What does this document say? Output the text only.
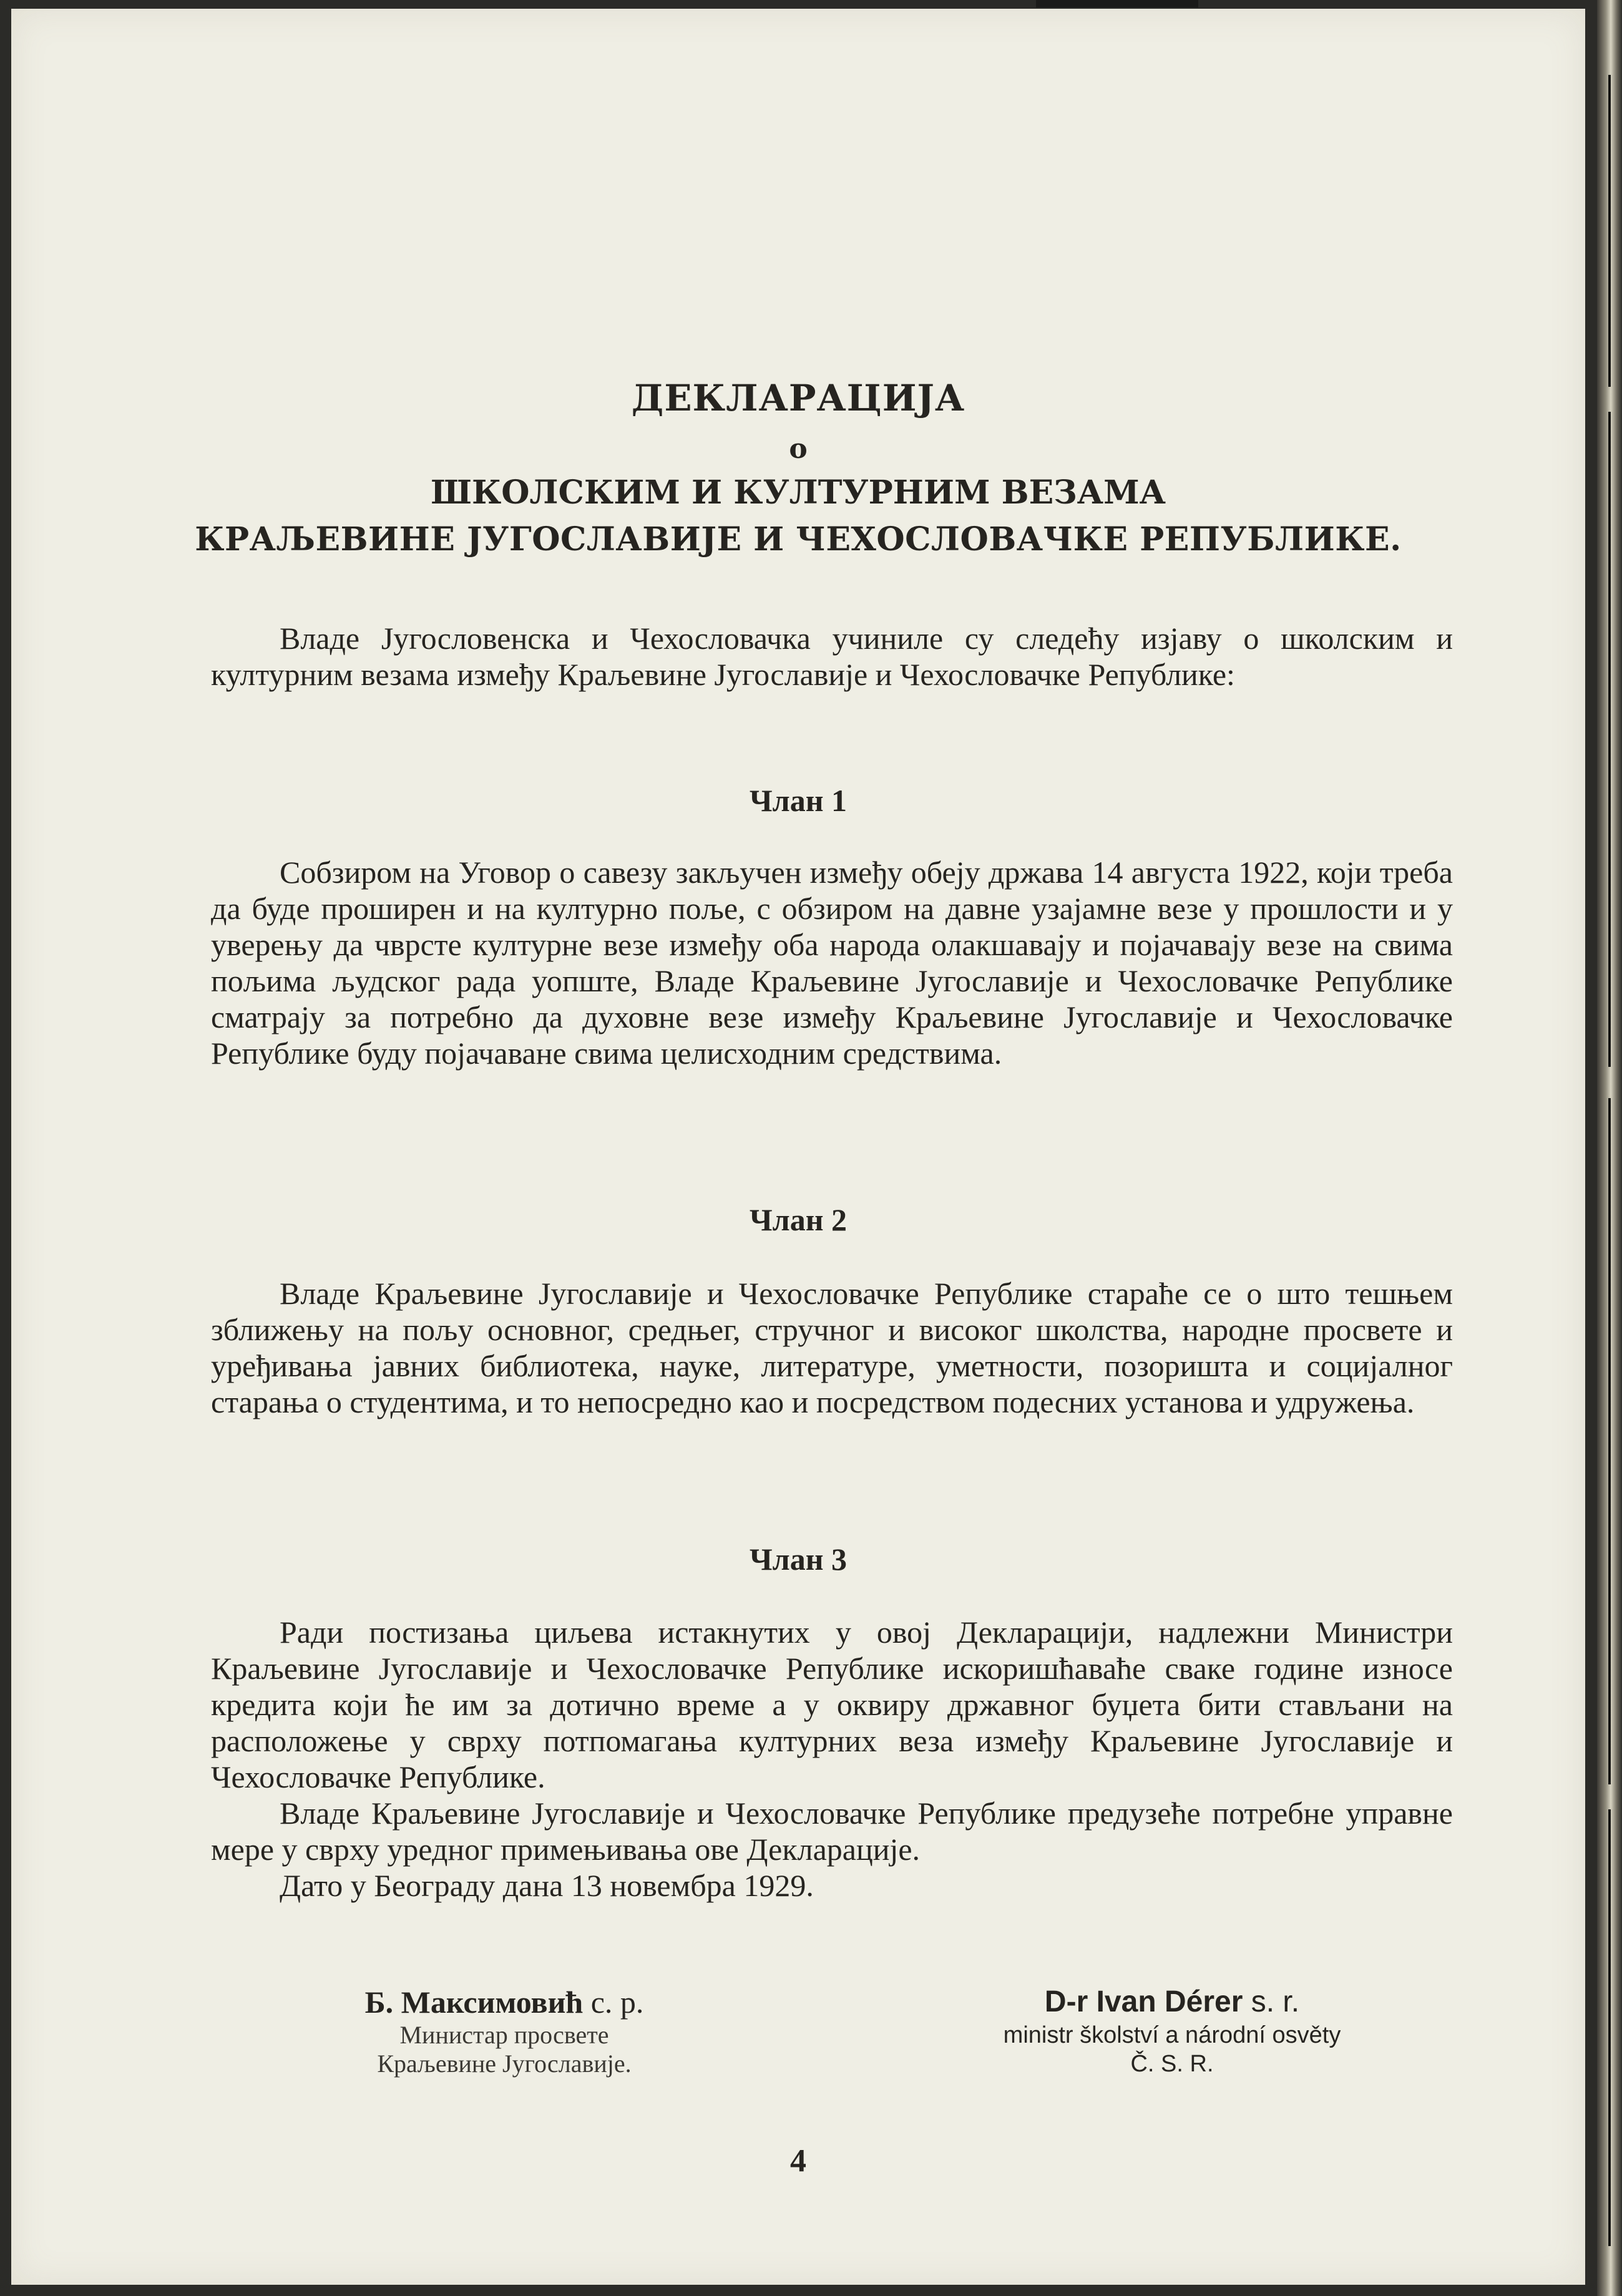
ДЕКЛАРАЦИЈА
о
ШКОЛСКИМ И КУЛТУРНИМ ВЕЗАМА
КРАЉЕВИНЕ ЈУГОСЛАВИЈЕ И ЧЕХОСЛОВАЧКЕ РЕПУБЛИКЕ.

Владе Југословенска и Чехословачка учиниле су следећу изјаву о школским и културним везама између Краљевине Југославије и Чехословачке Републике:

Члан 1

Собзиром на Уговор о савезу закључен између обеју држава 14 августа 1922, који треба да буде проширен и на културно поље, с обзиром на давне узајамне везе у прошлости и у уверењу да чврсте културне везе између оба народа олакшавају и појачавају везе на свима пољима људског рада уопште, Владе Краљевине Југославије и Чехословачке Републике сматрају за потребно да духовне везе између Краљевине Југославије и Чехословачке Републике буду појачаване свима целисходним средствима.

Члан 2

Владе Краљевине Југославије и Чехословачке Републике стараће се о што тешњем зближењу на пољу основног, средњег, стручног и високог школства, народне просвете и уређивања јавних библиотека, науке, литературе, уметности, позоришта и социјалног старања о студентима, и то непосредно као и посредством подесних установа и удружења.

Члан 3

Ради постизања циљева истакнутих у овој Декларацији, надлежни Министри Краљевине Југославије и Чехословачке Републике искоришћаваће сваке године износе кредита који ће им за дотично време а у оквиру државног буџета бити стављани на расположење у сврху потпомагања културних веза између Краљевине Југославије и Чехословачке Републике.

Владе Краљевине Југославије и Чехословачке Републике предузеће потребне управне мере у сврху уредног примењивања ове Декларације.

Дато у Београду дана 13 новембра 1929.

Б. Максимовић с. р.
Министар просвете
Краљевине Југославије.
D-r Ivan Dérer s. r.
ministr školství a národní osvěty
Č. S. R.
4
